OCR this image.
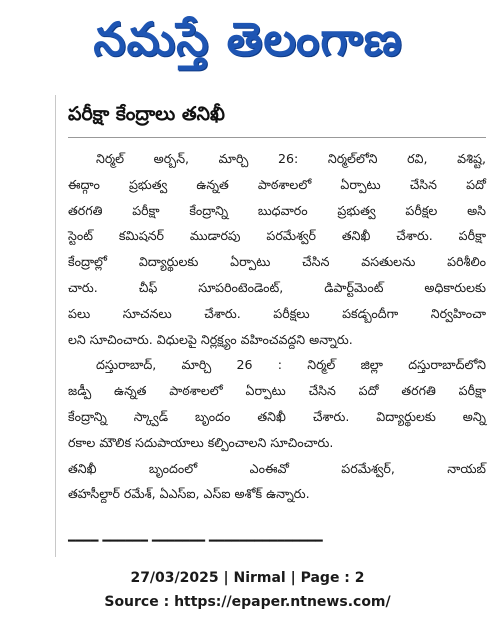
నమస్తే తెలంగాణ
పరీక్షా కేంద్రాలు తనిఖీ
నిర్మల్ అర్బన్, మార్చి 26: నిర్మల్‌లోని రవి, వశిష్ట,
ఈద్గాం ప్రభుత్వ ఉన్నత పాఠశాలలో ఏర్పాటు చేసిన పదో
తరగతి పరీక్షా కేంద్రాన్ని బుధవారం ప్రభుత్వ పరీక్షల అసి
స్టెంట్ కమిషనర్ ముడారపు పరమేశ్వర్ తనిఖీ చేశారు. పరీక్షా
కేంద్రాల్లో విద్యార్థులకు ఏర్పాటు చేసిన వసతులను పరిశీలిం
చారు. చీఫ్ సూపరింటెండెంట్, డిపార్ట్‌మెంట్ అధికారులకు
పలు సూచనలు చేశారు. పరీక్షలు పకడ్బందీగా నిర్వహించా
లని సూచించారు. విధులపై నిర్లక్ష్యం వహించవద్దని అన్నారు.
దస్తురాబాద్, మార్చి 26 : నిర్మల్ జిల్లా దస్తురాబాద్‌లోని
జడ్పీ ఉన్నత పాఠశాలలో ఏర్పాటు చేసిన పదో తరగతి పరీక్షా
కేంద్రాన్ని స్క్వాడ్ బృందం తనిఖీ చేశారు. విద్యార్థులకు అన్ని
రకాల మౌలిక సదుపాయాలు కల్పించాలని సూచించారు.
తనిఖీ బృందంలో ఎంఈవో పరమేశ్వర్, నాయబ్
తహసీల్దార్ రమేశ్, ఏఎస్ఐ, ఎస్ఐ అశోక్ ఉన్నారు.
━━━━ ━━━━━━ ━━━━━━━ ━━━━━━━━━━━━━━━
27/03/2025 | Nirmal | Page : 2
Source : https://epaper.ntnews.com/
